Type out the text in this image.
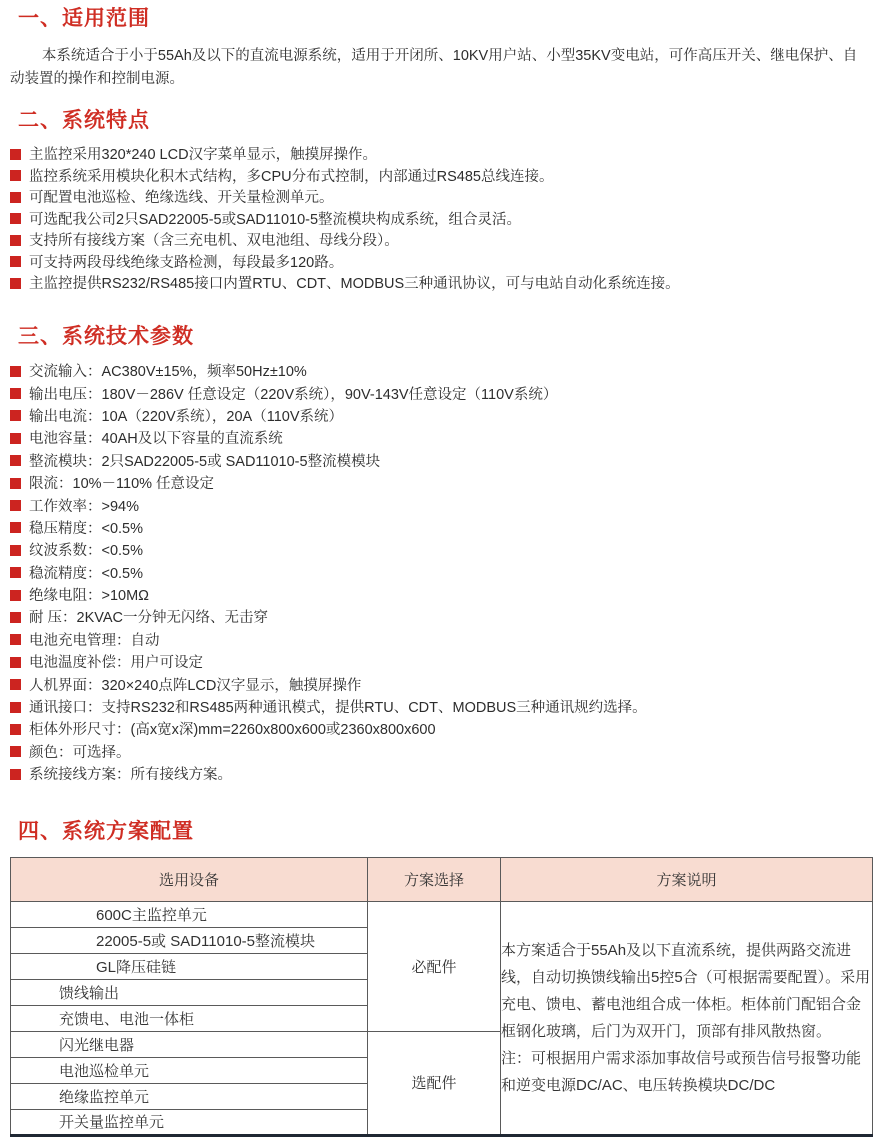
一、适用范围

本系统适合于小于55Ah及以下的直流电源系统，适用于开闭所、10KV用户站、小型35KV变电站，可作高压开关、继电保护、自动装置的操作和控制电源。

二、系统特点
主监控采用320*240 LCD汉字菜单显示，触摸屏操作。
监控系统采用模块化积木式结构，多CPU分布式控制，内部通过RS485总线连接。
可配置电池巡检、绝缘选线、开关量检测单元。
可选配我公司2只SAD22005-5或SAD11010-5整流模块构成系统，组合灵活。
支持所有接线方案（含三充电机、双电池组、母线分段）。
可支持两段母线绝缘支路检测，每段最多120路。
主监控提供RS232/RS485接口内置RTU、CDT、MODBUS三种通讯协议，可与电站自动化系统连接。
三、系统技术参数
交流输入：AC380V±15%，频率50Hz±10%
输出电压：180V－286V 任意设定（220V系统），90V-143V任意设定（110V系统）
输出电流：10A（220V系统），20A（110V系统）
电池容量：40AH及以下容量的直流系统
整流模块：2只SAD22005-5或 SAD11010-5整流模模块
限流：10%－110% 任意设定
工作效率：>94%
稳压精度：<0.5%
纹波系数：<0.5%
稳流精度：<0.5%
绝缘电阻：>10MΩ
耐 压：2KVAC一分钟无闪络、无击穿
电池充电管理：自动
电池温度补偿：用户可设定
人机界面：320×240点阵LCD汉字显示，触摸屏操作
通讯接口：支持RS232和RS485两种通讯模式，提供RTU、CDT、MODBUS三种通讯规约选择。
柜体外形尺寸：(高x宽x深)mm=2260x800x600或2360x800x600
颜色：可选择。
系统接线方案：所有接线方案。
四、系统方案配置
选用设备	方案选择	方案说明
600C主监控单元	必配件	本方案适合于55Ah及以下直流系统，提供两路交流进线，自动切换馈线输出5控5合（可根据需要配置）。采用充电、馈电、蓄电池组合成一体柜。柜体前门配铝合金框钢化玻璃，后门为双开门，顶部有排风散热窗。

注：可根据用户需求添加事故信号或预告信号报警功能和逆变电源DC/AC、电压转换模块DC/DC

22005-5或 SAD11010-5整流模块		
GL降压硅链		
馈线输出		
充馈电、电池一体柜		
闪光继电器	选配件	
电池巡检单元		
绝缘监控单元		
开关量监控单元		
